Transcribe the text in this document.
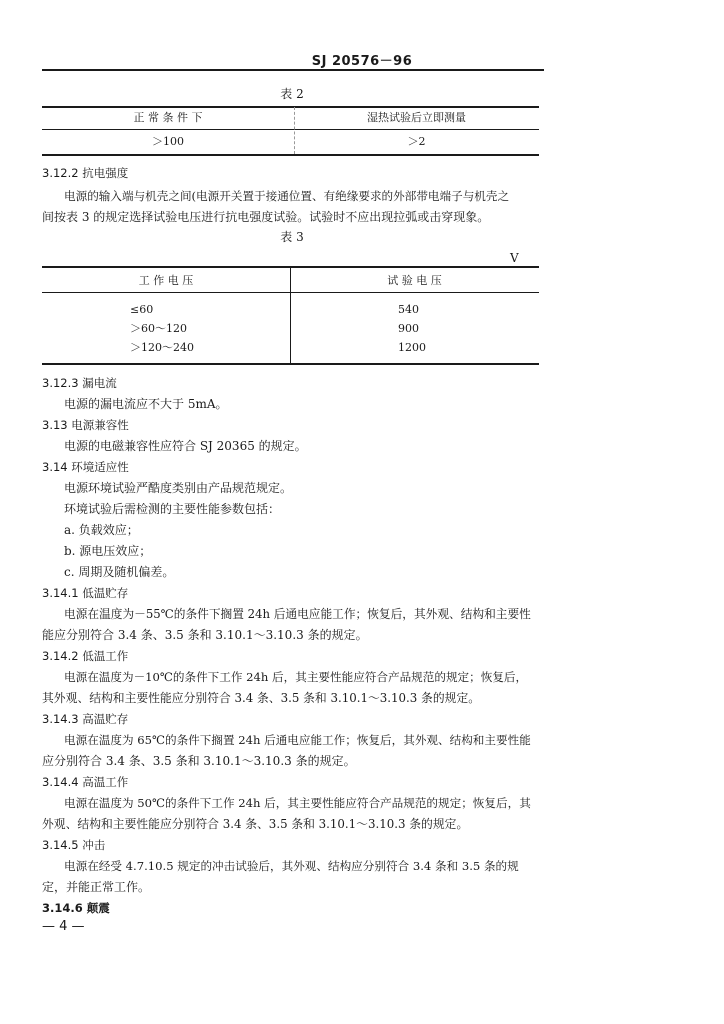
SJ 20576－96
表 2
正 常 条 件 下	湿热试验后立即测量
＞100	＞2
3.12.2 抗电强度
电源的输入端与机壳之间(电源开关置于接通位置、有绝缘要求的外部带电端子与机壳之
间按表 3 的规定选择试验电压进行抗电强度试验。试验时不应出现拉弧或击穿现象。
表 3
V
工 作 电 压	试 验 电 压
≤60	540
＞60～120	900
＞120～240	1200
3.12.3 漏电流
电源的漏电流应不大于 5mA。
3.13 电源兼容性
电源的电磁兼容性应符合 SJ 20365 的规定。
3.14 环境适应性
电源环境试验严酷度类别由产品规范规定。
环境试验后需检测的主要性能参数包括：
a. 负载效应；
b. 源电压效应；
c. 周期及随机偏差。
3.14.1 低温贮存
电源在温度为－55℃的条件下搁置 24h 后通电应能工作；恢复后，其外观、结构和主要性
能应分别符合 3.4 条、3.5 条和 3.10.1～3.10.3 条的规定。
3.14.2 低温工作
电源在温度为－10℃的条件下工作 24h 后，其主要性能应符合产品规范的规定；恢复后，
其外观、结构和主要性能应分别符合 3.4 条、3.5 条和 3.10.1～3.10.3 条的规定。
3.14.3 高温贮存
电源在温度为 65℃的条件下搁置 24h 后通电应能工作；恢复后，其外观、结构和主要性能
应分别符合 3.4 条、3.5 条和 3.10.1～3.10.3 条的规定。
3.14.4 高温工作
电源在温度为 50℃的条件下工作 24h 后，其主要性能应符合产品规范的规定；恢复后，其
外观、结构和主要性能应分别符合 3.4 条、3.5 条和 3.10.1～3.10.3 条的规定。
3.14.5 冲击
电源在经受 4.7.10.5 规定的冲击试验后，其外观、结构应分别符合 3.4 条和 3.5 条的规
定，并能正常工作。
3.14.6 颠震
— 4 —
